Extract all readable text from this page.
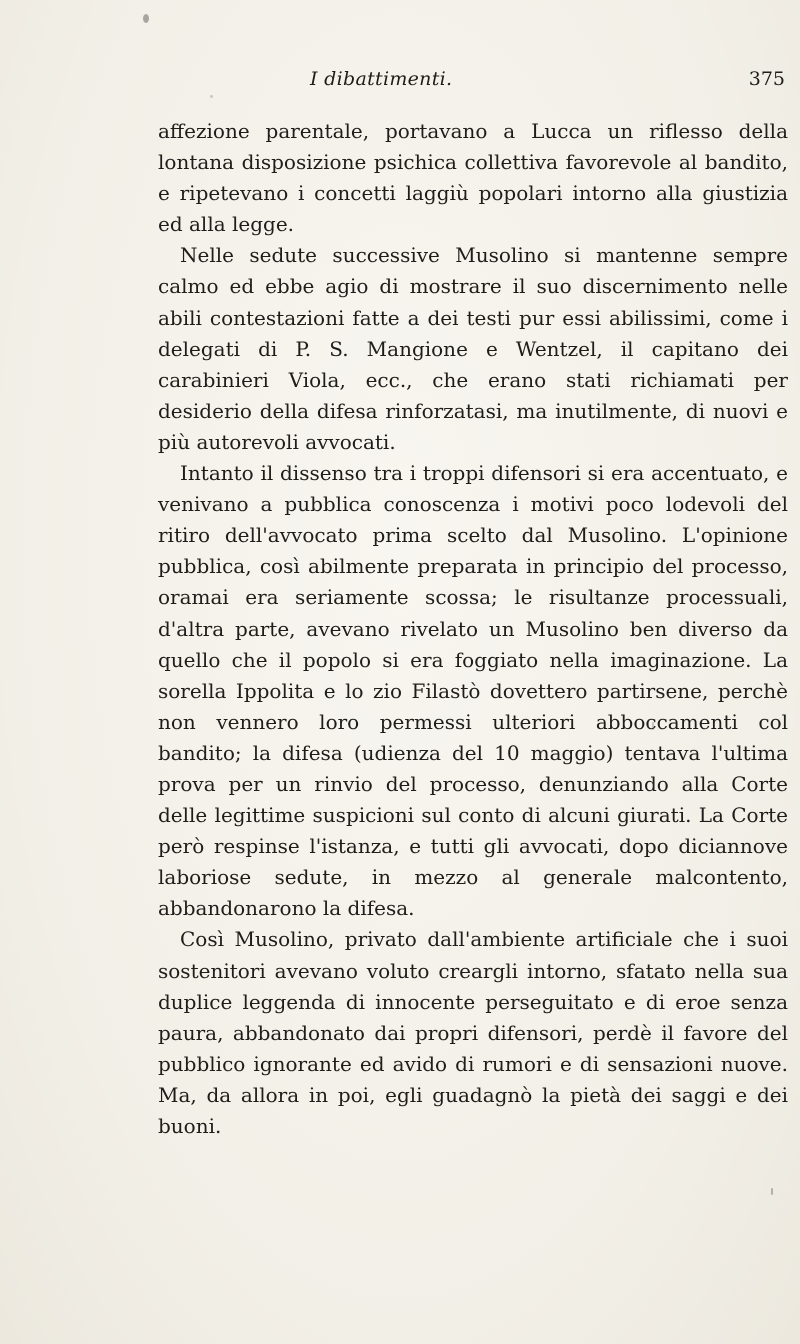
I dibattimenti.	375

affezione parentale, portavano a Lucca un riflesso della lontana disposizione psichica collettiva favorevole al bandito, e ripetevano i concetti laggiù popolari intorno alla giustizia ed alla legge.

Nelle sedute successive Musolino si mantenne sempre calmo ed ebbe agio di mostrare il suo discernimento nelle abili contestazioni fatte a dei testi pur essi abilissimi, come i delegati di P. S. Mangione e Wentzel, il capitano dei carabinieri Viola, ecc., che erano stati richiamati per desiderio della difesa rinforzatasi, ma inutilmente, di nuovi e più autorevoli avvocati.

Intanto il dissenso tra i troppi difensori si era accentuato, e venivano a pubblica conoscenza i motivi poco lodevoli del ritiro dell'avvocato prima scelto dal Musolino. L'opinione pubblica, così abilmente preparata in principio del processo, oramai era seriamente scossa; le risultanze processuali, d'altra parte, avevano rivelato un Musolino ben diverso da quello che il popolo si era foggiato nella imaginazione. La sorella Ippolita e lo zio Filastò dovettero partirsene, perchè non vennero loro permessi ulteriori abboccamenti col bandito; la difesa (udienza del 10 maggio) tentava l'ultima prova per un rinvio del processo, denunziando alla Corte delle legittime suspicioni sul conto di alcuni giurati. La Corte però respinse l'istanza, e tutti gli avvocati, dopo diciannove laboriose sedute, in mezzo al generale malcontento, abbandonarono la difesa.

Così Musolino, privato dall'ambiente artificiale che i suoi sostenitori avevano voluto creargli intorno, sfatato nella sua duplice leggenda di innocente perseguitato e di eroe senza paura, abbandonato dai propri difensori, perdè il favore del pubblico ignorante ed avido di rumori e di sensazioni nuove. Ma, da allora in poi, egli guadagnò la pietà dei saggi e dei buoni.
